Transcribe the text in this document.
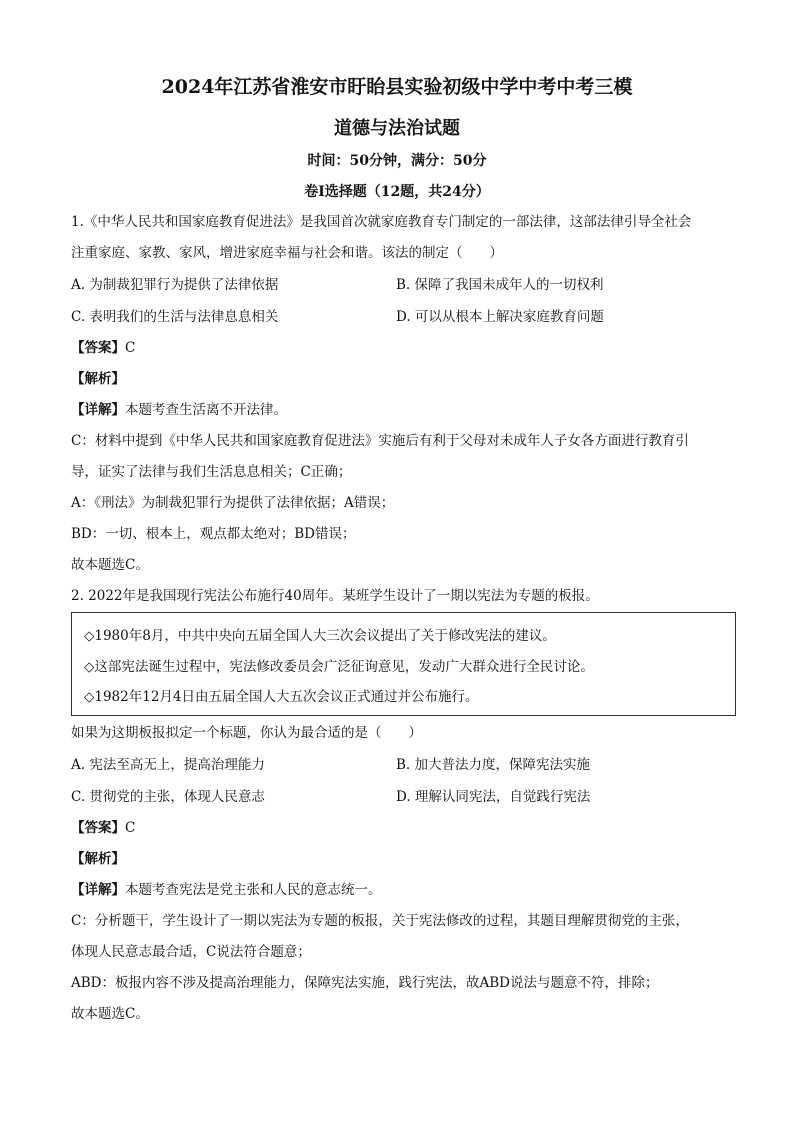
2024年江苏省淮安市盱眙县实验初级中学中考中考三模
道德与法治试题
时间：50分钟，满分：50分
卷Ⅰ选择题（12题，共24分）
1.《中华人民共和国家庭教育促进法》是我国首次就家庭教育专门制定的一部法律，这部法律引导全社会
注重家庭、家教、家风，增进家庭幸福与社会和谐。该法的制定（　　）
A. 为制裁犯罪行为提供了法律依据	B. 保障了我国未成年人的一切权利
C. 表明我们的生活与法律息息相关	D. 可以从根本上解决家庭教育问题
【答案】C
【解析】
【详解】本题考查生活离不开法律。
C：材料中提到《中华人民共和国家庭教育促进法》实施后有利于父母对未成年人子女各方面进行教育引
导，证实了法律与我们生活息息相关；C正确；
A：《刑法》为制裁犯罪行为提供了法律依据；A错误；
BD：一切、根本上，观点都太绝对；BD错误；
故本题选C。
2. 2022年是我国现行宪法公布施行40周年。某班学生设计了一期以宪法为专题的板报。
◇1980年8月，中共中央向五届全国人大三次会议提出了关于修改宪法的建议。
◇这部宪法诞生过程中，宪法修改委员会广泛征询意见，发动广大群众进行全民讨论。
◇1982年12月4日由五届全国人大五次会议正式通过并公布施行。
如果为这期板报拟定一个标题，你认为最合适的是（　　）
A. 宪法至高无上，提高治理能力	B. 加大普法力度，保障宪法实施
C. 贯彻党的主张，体现人民意志	D. 理解认同宪法，自觉践行宪法
【答案】C
【解析】
【详解】本题考查宪法是党主张和人民的意志统一。
C：分析题干，学生设计了一期以宪法为专题的板报，关于宪法修改的过程，其题目理解贯彻党的主张，
体现人民意志最合适，C说法符合题意；
ABD：板报内容不涉及提高治理能力，保障宪法实施，践行宪法，故ABD说法与题意不符，排除；
故本题选C。
